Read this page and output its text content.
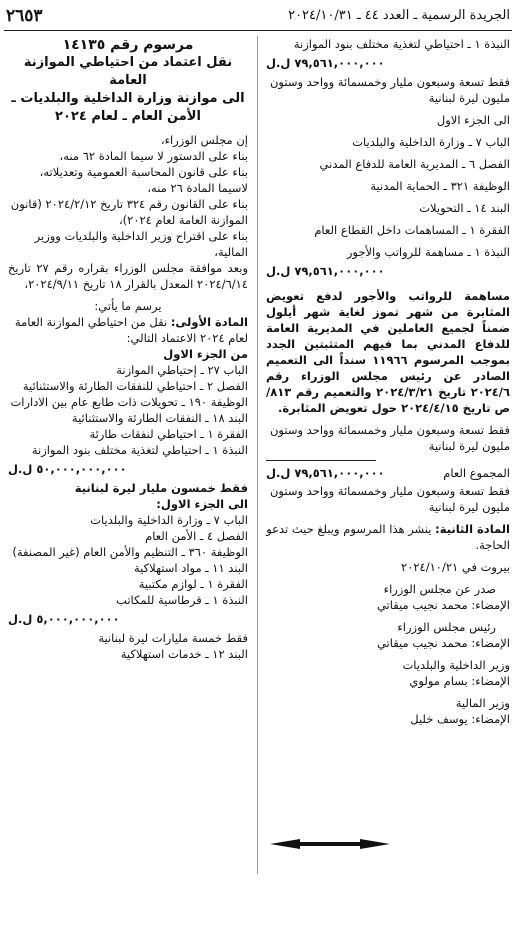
الجريدة الرسمية ـ العدد ٤٤ ـ ٢٠٢٤/١٠/٣١
٢٦٥٣
النبذة ١ ـ احتياطي لتغذية مختلف بنود الموازنة
٧٩,٥٦١,٠٠٠,٠٠٠ ل.ل
فقط تسعة وسبعون مليار وخمسمائة وواحد وستون
مليون ليرة لبنانية
الى الجزء الاول
الباب ٧ ـ وزارة الداخلية والبلديات
الفصل ٦ ـ المديرية العامة للدفاع المدني
الوظيفة ٣٢١ ـ الحماية المدنية
البند ١٤ ـ التحويلات
الفقرة ١ ـ المساهمات داخل القطاع العام
النبذة ١ ـ مساهمة للرواتب والأجور
٧٩,٥٦١,٠٠٠,٠٠٠ ل.ل

مساهمة للرواتب والأجور لدفع تعويض المثابرة من شهر تموز لغاية شهر أيلول ضمناً لجميع العاملين في المديرية العامة للدفاع المدني بما فيهم المتثبتين الجدد بموجب المرسوم ١١٩٦٦ سنداً الى التعميم الصادر عن رئيس مجلس الوزراء رقم ٢٠٢٤/٦ تاريخ ٢٠٢٤/٣/٢١ والتعميم رقم ٨١٣/ص تاريخ ٢٠٢٤/٤/١٥ حول تعويض المثابرة.

فقط تسعة وسبعون مليار وخمسمائة وواحد وستون
مليون ليرة لبنانية
المجموع العام
٧٩,٥٦١,٠٠٠,٠٠٠ ل.ل
فقط تسعة وسبعون مليار وخمسمائة وواحد وستون
مليون ليرة لبنانية

المادة الثانية: ينشر هذا المرسوم ويبلغ حيث تدعو الحاجة.

بيروت في ٢٠٢٤/١٠/٢١
صدر عن مجلس الوزراء
الإمضاء: محمد نجيب ميقاتي
رئيس مجلس الوزراء
الإمضاء: محمد نجيب ميقاتي
وزير الداخلية والبلديات
الإمضاء: بسام مولوي
وزير المالية
الإمضاء: يوسف خليل
مرسوم رقم ١٤١٣٥
نقل اعتماد من احتياطي الموازنة العامة
الى موازنة وزارة الداخلية والبلديات ـ
الأمن العام ـ لعام ٢٠٢٤
إن مجلس الوزراء،

بناء على الدستور لا سيما المادة ٦٢ منه،

بناء على قانون المحاسبة العمومية وتعديلاته، لاسيما المادة ٢٦ منه،

بناء على القانون رقم ٣٢٤ تاريخ ٢٠٢٤/٢/١٢ (قانون الموازنة العامة لعام ٢٠٢٤)،

بناء على اقتراح وزير الداخلية والبلديات ووزير المالية،

وبعد موافقة مجلس الوزراء بقراره رقم ٢٧ تاريخ ٢٠٢٤/٦/١٤ المعدل بالقرار ١٨ تاريخ ٢٠٢٤/٩/١١،

يرسم ما يأتي:

المادة الأولى: نقل من احتياطي الموازنة العامة لعام ٢٠٢٤ الاعتماد التالي:

من الجزء الاول
الباب ٢٧ ـ إحتياطي الموازنة
الفصل ٢ ـ احتياطي للنفقات الطارئة والاستثنائية

الوظيفة ١٩٠ ـ تحويلات ذات طابع عام بين الادارات

البند ١٨ ـ النفقات الطارئة والاستثنائية
الفقرة ١ ـ احتياطي لنفقات طارئة
النبذة ١ ـ احتياطي لتغذية مختلف بنود الموازنة
٥٠,٠٠٠,٠٠٠,٠٠٠ ل.ل
فقط خمسون مليار ليرة لبنانية
الى الجزء الاول:
الباب ٧ ـ وزارة الداخلية والبلديات
الفصل ٤ ـ الأمن العام
الوظيفة ٣٦٠ ـ التنظيم والأمن العام (غير المصنفة)
البند ١١ ـ مواد استهلاكية
الفقرة ١ ـ لوازم مكتبية
النبذة ١ ـ قرطاسية للمكاتب
٥,٠٠٠,٠٠٠,٠٠٠ ل.ل
فقط خمسة مليارات ليرة لبنانية
البند ١٢ ـ خدمات استهلاكية
